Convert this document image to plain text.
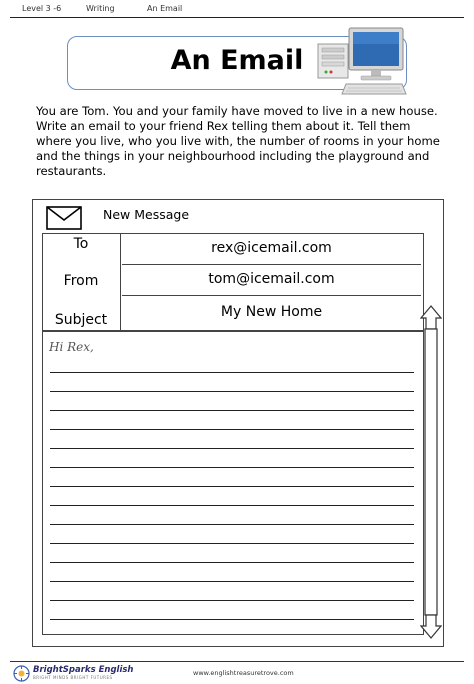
Level 3 -6	Writing	An Email
An Email
You are Tom. You and your family have moved to live in a new house. Write an email to your friend Rex telling them about it. Tell them where you live, who you live with, the number of rooms in your home and the things in your neighbourhood including the playground and restaurants.
New Message
To
From
Subject
rex@icemail.com
tom@icemail.com
My New Home
Hi Rex,
BrightSparks English
BRIGHT MINDS BRIGHT FUTURES
www.englishtreasuretrove.com
